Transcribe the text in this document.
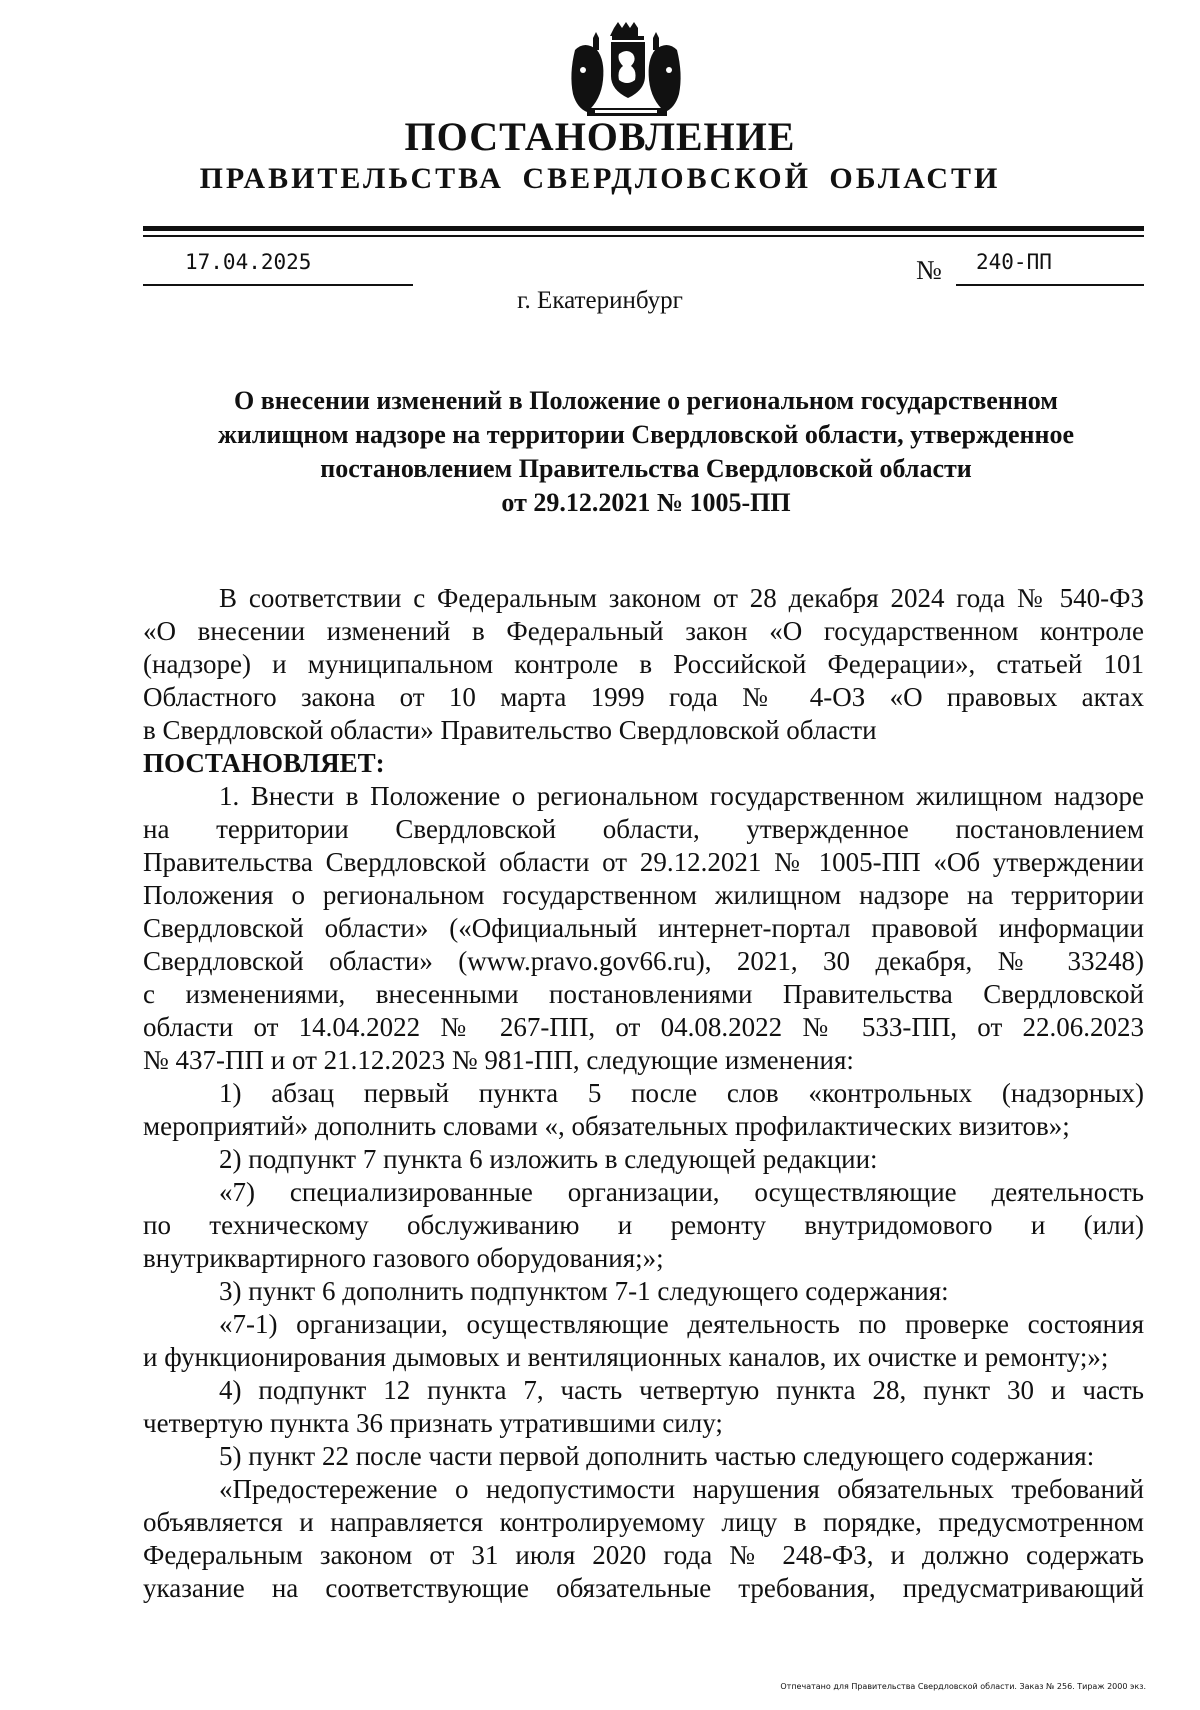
ПОСТАНОВЛЕНИЕ
ПРАВИТЕЛЬСТВА СВЕРДЛОВСКОЙ ОБЛАСТИ
17.04.2025	№ 240-ПП
г. Екатеринбург
О внесении изменений в Положение о региональном государственном
жилищном надзоре на территории Свердловской области, утвержденное
постановлением Правительства Свердловской области
от 29.12.2021 № 1005-ПП

В соответствии с Федеральным законом от 28 декабря 2024 года № 540-ФЗ

«О внесении изменений в Федеральный закон «О государственном контроле

(надзоре) и муниципальном контроле в Российской Федерации», статьей 101

Областного закона от 10 марта 1999 года № 4-ОЗ «О правовых актах

в Свердловской области» Правительство Свердловской области

ПОСТАНОВЛЯЕТ:

1. Внести в Положение о региональном государственном жилищном надзоре

на территории Свердловской области, утвержденное постановлением

Правительства Свердловской области от 29.12.2021 № 1005-ПП «Об утверждении

Положения о региональном государственном жилищном надзоре на территории

Свердловской области» («Официальный интернет-портал правовой информации

Свердловской области» (www.pravo.gov66.ru), 2021, 30 декабря, № 33248)

с изменениями, внесенными постановлениями Правительства Свердловской

области от 14.04.2022 № 267-ПП, от 04.08.2022 № 533-ПП, от 22.06.2023

№ 437-ПП и от 21.12.2023 № 981-ПП, следующие изменения:

1) абзац первый пункта 5 после слов «контрольных (надзорных)

мероприятий» дополнить словами «, обязательных профилактических визитов»;

2) подпункт 7 пункта 6 изложить в следующей редакции:

«7) специализированные организации, осуществляющие деятельность

по техническому обслуживанию и ремонту внутридомового и (или)

внутриквартирного газового оборудования;»;

3) пункт 6 дополнить подпунктом 7-1 следующего содержания:

«7-1) организации, осуществляющие деятельность по проверке состояния

и функционирования дымовых и вентиляционных каналов, их очистке и ремонту;»;

4) подпункт 12 пункта 7, часть четвертую пункта 28, пункт 30 и часть

четвертую пункта 36 признать утратившими силу;

5) пункт 22 после части первой дополнить частью следующего содержания:

«Предостережение о недопустимости нарушения обязательных требований

объявляется и направляется контролируемому лицу в порядке, предусмотренном

Федеральным законом от 31 июля 2020 года № 248-ФЗ, и должно содержать

указание на соответствующие обязательные требования, предусматривающий

Отпечатано для Правительства Свердловской области. Заказ № 256. Тираж 2000 экз.
